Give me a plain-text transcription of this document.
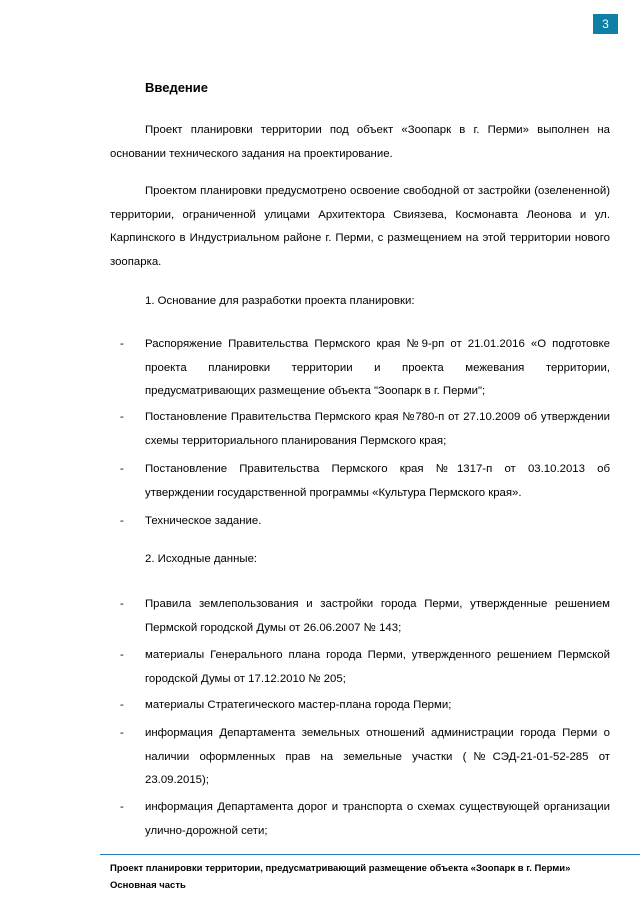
3
Введение
Проект планировки территории под объект «Зоопарк в г. Перми» выполнен на основании технического задания на проектирование.
Проектом планировки предусмотрено освоение свободной от застройки (озелененной) территории, ограниченной улицами Архитектора Свиязева, Космонавта Леонова и ул. Карпинского в Индустриальном районе г. Перми, с размещением на этой территории нового зоопарка.
1. Основание для разработки проекта планировки:
- Распоряжение Правительства Пермского края №9-рп от 21.01.2016 «О подготовке проекта планировки территории и проекта межевания территории, предусматривающих размещение объекта "Зоопарк в г. Перми";
- Постановление Правительства Пермского края №780-п от 27.10.2009 об утверждении схемы территориального планирования Пермского края;
- Постановление Правительства Пермского края №1317-п от 03.10.2013 об утверждении государственной программы «Культура Пермского края».
- Техническое задание.
2. Исходные данные:
- Правила землепользования и застройки города Перми, утвержденные решением Пермской городской Думы от 26.06.2007 № 143;
- материалы Генерального плана города Перми, утвержденного решением Пермской городской Думы от 17.12.2010 № 205;
- материалы Стратегического мастер-плана города Перми;
- информация Департамента земельных отношений администрации города Перми о наличии оформленных прав на земельные участки (№СЭД-21-01-52-285 от 23.09.2015);
- информация Департамента дорог и транспорта о схемах существующей организации улично-дорожной сети;
Проект планировки территории, предусматривающий размещение объекта «Зоопарк в г. Перми»
Основная часть
